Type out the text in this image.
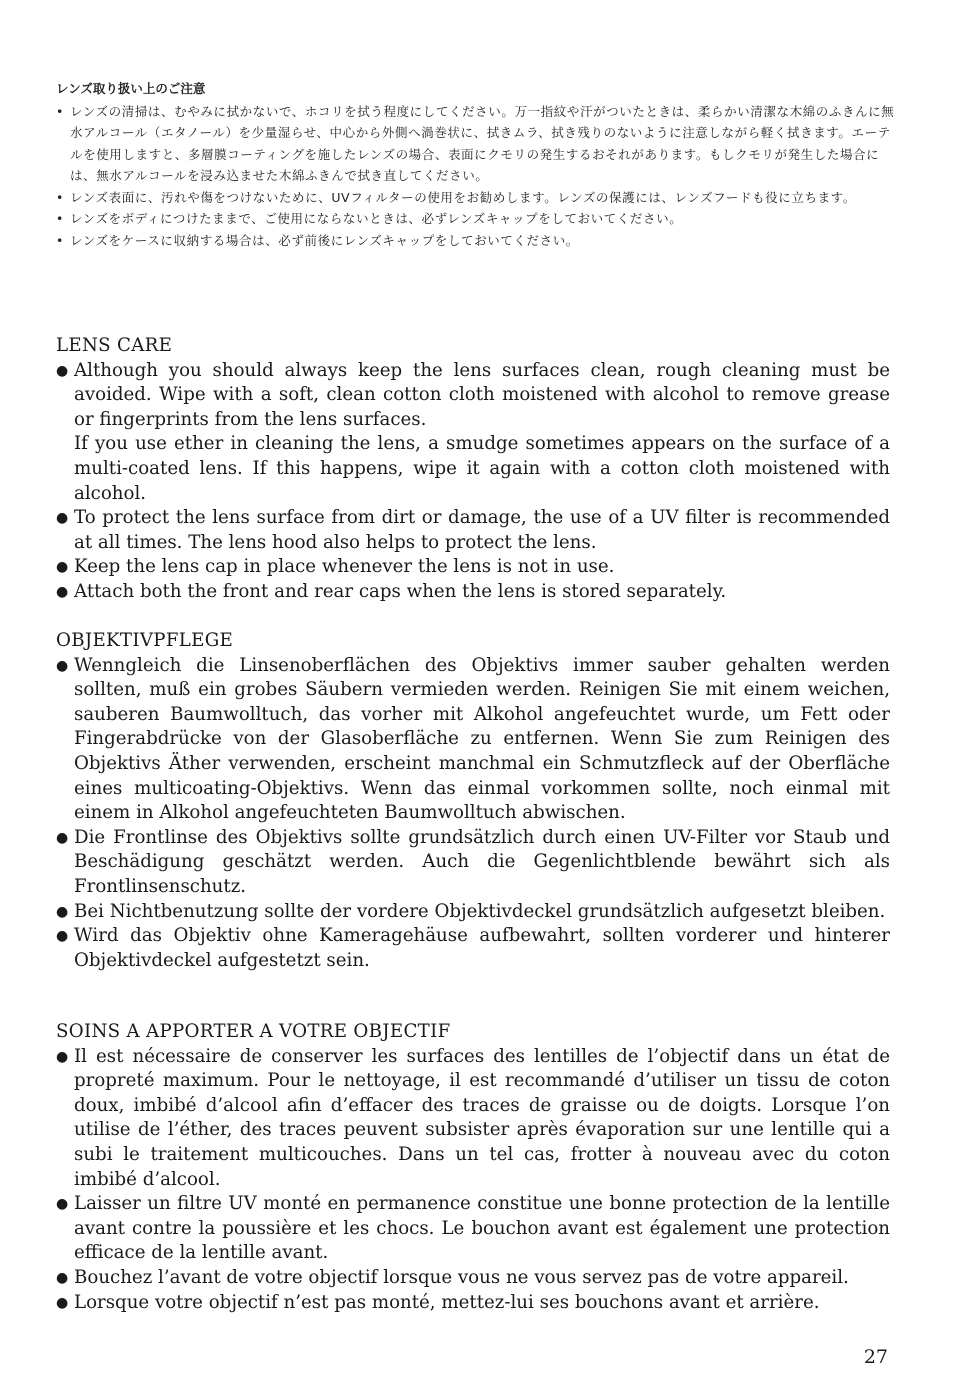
レンズ取り扱い上のご注意

• レンズの清掃は、むやみに拭かないで、ホコリを拭う程度にしてください。万一指紋や汗がついたときは、柔らかい清潔な木綿のふきんに無水アルコール（エタノール）を少量湿らせ、中心から外側へ渦巻状に、拭きムラ、拭き残りのないように注意しながら軽く拭きます。エーテルを使用しますと、多層膜コーティングを施したレンズの場合、表面にクモリの発生するおそれがあります。もしクモリが発生した場合には、無水アルコールを浸み込ませた木綿ふきんで拭き直してください。

• レンズ表面に、汚れや傷をつけないために、UVフィルターの使用をお勧めします。レンズの保護には、レンズフードも役に立ちます。

• レンズをボディにつけたままで、ご使用にならないときは、必ずレンズキャップをしておいてください。

• レンズをケースに収納する場合は、必ず前後にレンズキャップをしておいてください。

LENS CARE
● Although you should always keep the lens surfaces clean, rough cleaning must be avoided. Wipe with a soft, clean cotton cloth moistened with alcohol to remove grease or fingerprints from the lens surfaces.

If you use ether in cleaning the lens, a smudge sometimes appears on the surface of a multi-coated lens. If this happens, wipe it again with a cotton cloth moistened with alcohol.

● To protect the lens surface from dirt or damage, the use of a UV filter is recommended at all times. The lens hood also helps to protect the lens.

● Keep the lens cap in place whenever the lens is not in use.

● Attach both the front and rear caps when the lens is stored separately.

OBJEKTIVPFLEGE
● Wenngleich die Linsenoberflächen des Objektivs immer sauber gehalten werden sollten, muß ein grobes Säubern vermieden werden. Reinigen Sie mit einem weichen, sauberen Baumwolltuch, das vorher mit Alkohol angefeuchtet wurde, um Fett oder Fingerabdrücke von der Glasoberfläche zu entfernen. Wenn Sie zum Reinigen des Objektivs Äther verwenden, erscheint manchmal ein Schmutzfleck auf der Oberfläche eines multicoating-Objektivs. Wenn das einmal vorkommen sollte, noch einmal mit einem in Alkohol angefeuchteten Baumwolltuch abwischen.

● Die Frontlinse des Objektivs sollte grundsätzlich durch einen UV-Filter vor Staub und Beschädigung geschätzt werden. Auch die Gegenlichtblende bewährt sich als Frontlinsenschutz.

● Bei Nichtbenutzung sollte der vordere Objektivdeckel grundsätzlich aufgesetzt bleiben.

● Wird das Objektiv ohne Kameragehäuse aufbewahrt, sollten vorderer und hinterer Objektivdeckel aufgestetzt sein.

SOINS A APPORTER A VOTRE OBJECTIF
● Il est nécessaire de conserver les surfaces des lentilles de l’objectif dans un état de propreté maximum. Pour le nettoyage, il est recommandé d’utiliser un tissu de coton doux, imbibé d’alcool afin d’effacer des traces de graisse ou de doigts. Lorsque l’on utilise de l’éther, des traces peuvent subsister après évaporation sur une lentille qui a subi le traitement multicouches. Dans un tel cas, frotter à nouveau avec du coton imbibé d’alcool.

● Laisser un filtre UV monté en permanence constitue une bonne protection de la lentille avant contre la poussière et les chocs. Le bouchon avant est également une protection efficace de la lentille avant.

● Bouchez l’avant de votre objectif lorsque vous ne vous servez pas de votre appareil.

● Lorsque votre objectif n’est pas monté, mettez-lui ses bouchons avant et arrière.

27
